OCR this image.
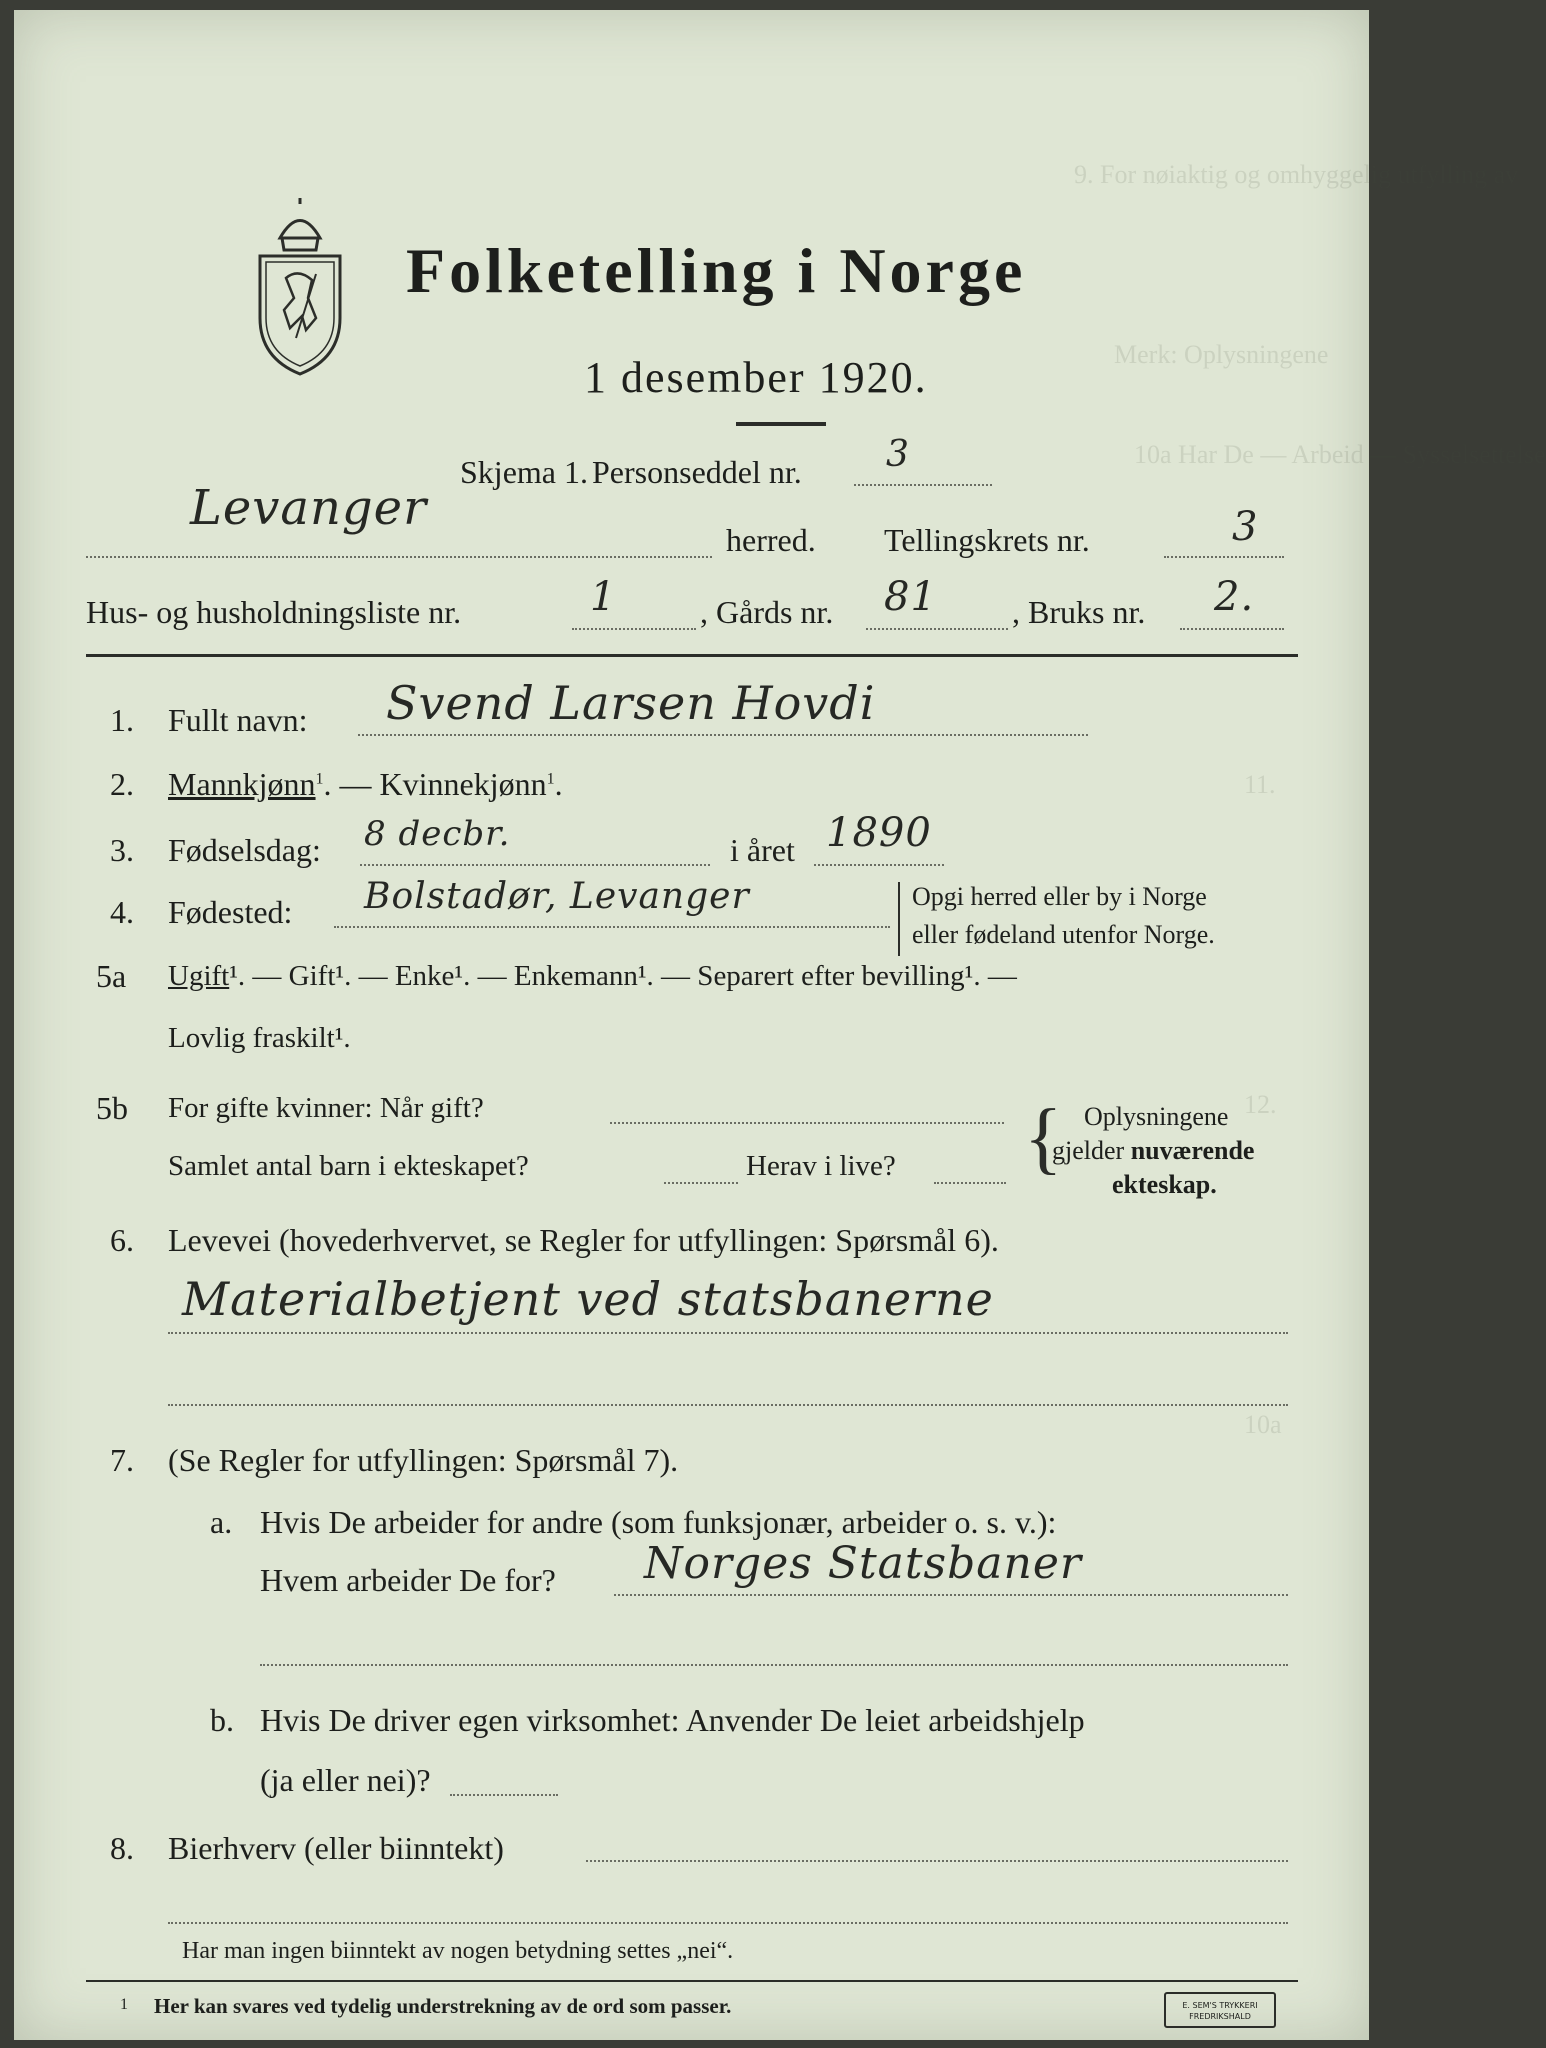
9. For nøiaktig og omhyggelig utfylling av
Merk: Oplysningene
10a Har De — Arbeid — Sysselsettelse
11.
12.
10a
Folketelling i Norge
1 desember 1920.
Skjema 1. Personseddel nr. 3
Levanger
herred. Tellingskrets nr.	3
Hus- og husholdningsliste nr.	1	, Gårds nr. 81 , Bruks nr. 2.
1. Fullt navn: Svend Larsen Hovdi
2. Mannkjønn$^1$. — Kvinnekjønn$^1$.
3. Fødselsdag: 8 decbr.	i året 1890
4. Fødested: Bolstadør, Levanger	Opgi herred eller by i Norge
eller fødeland utenfor Norge.
5a Ugift¹. — Gift¹. — Enke¹. — Enkemann¹. — Separert efter bevilling¹. —
Lovlig fraskilt¹.
5b For gifte kvinner: Når gift?
Samlet antal barn i ekteskapet?	Herav i live? { Oplysningene
gjelder nuværende
ekteskap.
6. Levevei (hovederhvervet, se Regler for utfyllingen: Spørsmål 6).
Materialbetjent ved statsbanerne
7. (Se Regler for utfyllingen: Spørsmål 7).
a. Hvis De arbeider for andre (som funksjonær, arbeider o. s. v.):
Hvem arbeider De for? Norges Statsbaner
b. Hvis De driver egen virksomhet: Anvender De leiet arbeidshjelp
(ja eller nei)?
8. Bierhverv (eller biinntekt)
Har man ingen biinntekt av nogen betydning settes „nei“.
1 Her kan svares ved tydelig understrekning av de ord som passer.	E. SEM'S TRYKKERI
FREDRIKSHALD
